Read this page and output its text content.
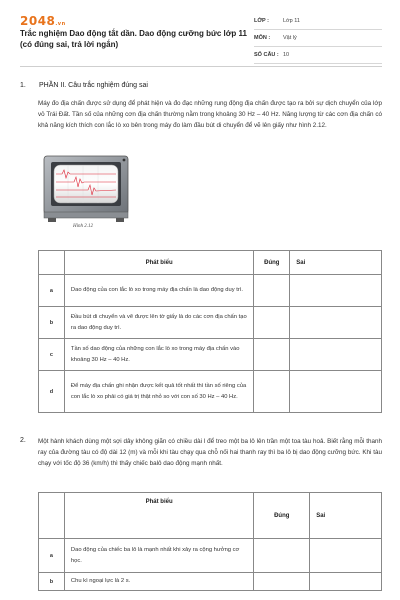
2048.vn
Trắc nghiệm Dao động tắt dần. Dao động cưỡng bức lớp 11 (có đúng sai, trả lời ngắn)
LỚP :	Lớp 11
MÔN :	Vật lý
SỐ CÂU : 10
1. PHẦN II. Câu trắc nghiệm đúng sai
Máy đo địa chấn được sử dụng để phát hiện và đo đạc những rung động địa chấn được tạo ra bởi sự dịch chuyển của lớp vỏ Trái Đất. Tần số của những cơn địa chấn thường nằm trong khoảng 30 Hz – 40 Hz. Năng lượng từ các cơn địa chấn có khả năng kích thích con lắc lò xo bên trong máy đo làm đầu bút di chuyển để vẽ lên giấy như hình 2.12.
Hình 2.12
	Phát biểu	Đúng	Sai
a	Dao động của con lắc lò xo trong máy địa chấn là dao động duy trì.		
b	Đầu bút di chuyển và vẽ được lên tờ giấy là do các cơn địa chấn tạo ra dao động duy trì.		
c	Tần số dao động của những con lắc lò xo trong máy địa chấn vào khoảng 30 Hz – 40 Hz.		
d	Để máy địa chấn ghi nhận được kết quả tốt nhất thì tần số riêng của con lắc lò xo phải có giá trị thật nhỏ so với con số 30 Hz – 40 Hz.		
2. Một hành khách dùng một sợi dây không giãn có chiều dài l để treo một ba lô lên trần một toa tàu hoả. Biết rằng mỗi thanh ray của đường tàu có độ dài 12 (m) và mỗi khi tàu chạy qua chỗ nối hai thanh ray thì ba lô bị dao động cưỡng bức. Khi tàu chạy với tốc độ 36 (km/h) thì thấy chiếc balô dao động mạnh nhất.
	Phát biểu	Đúng	Sai
a	Dao động của chiếc ba lô là mạnh nhất khi xảy ra cộng hưởng cơ học.		
b	Chu kì ngoại lực là 2 s.		
